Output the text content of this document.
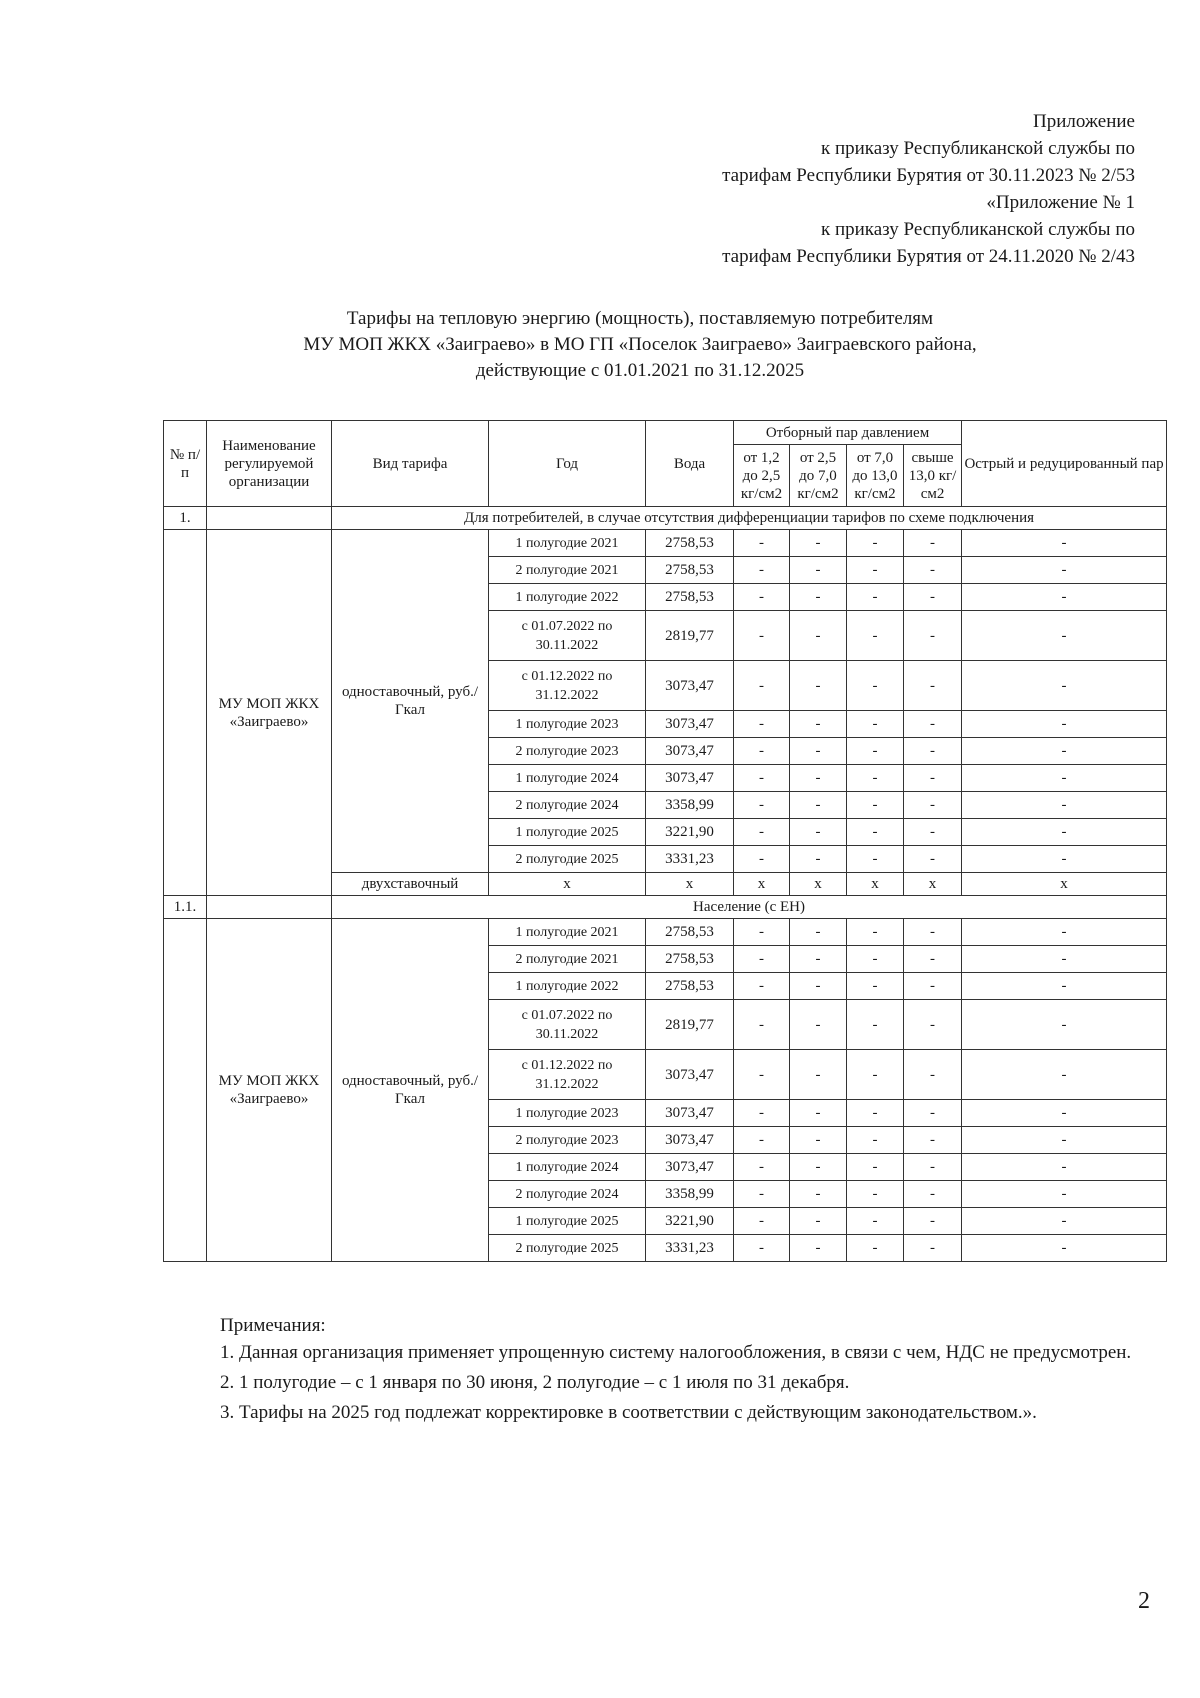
Приложение
к приказу Республиканской службы по
тарифам Республики Бурятия от 30.11.2023 № 2/53
«Приложение № 1
к приказу Республиканской службы по
тарифам Республики Бурятия от 24.11.2020 № 2/43
Тарифы на тепловую энергию (мощность), поставляемую потребителям
МУ МОП ЖКХ «Заиграево» в МО ГП «Поселок Заиграево» Заиграевского района,
действующие с 01.01.2021 по 31.12.2025
№ п/п	Наименование регулируемой организации	Вид тарифа	Год	Вода	Отборный пар давлением				Острый и редуцированный пар
					от 1,2 до 2,5 кг/см2	от 2,5 до 7,0 кг/см2	от 7,0 до 13,0 кг/см2	свыше 13,0 кг/см2	
1.		Для потребителей, в случае отсутствия дифференциации тарифов по схеме подключения							
	МУ МОП ЖКХ «Заиграево»	одноставочный, руб./Гкал	1 полугодие 2021	2758,53	-	-	-	-	-
			2 полугодие 2021	2758,53	-	-	-	-	-
			1 полугодие 2022	2758,53	-	-	-	-	-
			с 01.07.2022 по 30.11.2022	2819,77	-	-	-	-	-
			с 01.12.2022 по 31.12.2022	3073,47	-	-	-	-	-
			1 полугодие 2023	3073,47	-	-	-	-	-
			2 полугодие 2023	3073,47	-	-	-	-	-
			1 полугодие 2024	3073,47	-	-	-	-	-
			2 полугодие 2024	3358,99	-	-	-	-	-
			1 полугодие 2025	3221,90	-	-	-	-	-
			2 полугодие 2025	3331,23	-	-	-	-	-
		двухставочный	х	х	х	х	х	х	х
1.1.		Население (с ЕН)							
	МУ МОП ЖКХ «Заиграево»	одноставочный, руб./Гкал	1 полугодие 2021	2758,53	-	-	-	-	-
			2 полугодие 2021	2758,53	-	-	-	-	-
			1 полугодие 2022	2758,53	-	-	-	-	-
			с 01.07.2022 по 30.11.2022	2819,77	-	-	-	-	-
			с 01.12.2022 по 31.12.2022	3073,47	-	-	-	-	-
			1 полугодие 2023	3073,47	-	-	-	-	-
			2 полугодие 2023	3073,47	-	-	-	-	-
			1 полугодие 2024	3073,47	-	-	-	-	-
			2 полугодие 2024	3358,99	-	-	-	-	-
			1 полугодие 2025	3221,90	-	-	-	-	-
			2 полугодие 2025	3331,23	-	-	-	-	-

Примечания:

1. Данная организация применяет упрощенную систему налогообложения, в связи с чем, НДС не предусмотрен.

2. 1 полугодие – с 1 января по 30 июня, 2 полугодие – с 1 июля по 31 декабря.

3. Тарифы на 2025 год подлежат корректировке в соответствии с действующим законодательством.».

2
